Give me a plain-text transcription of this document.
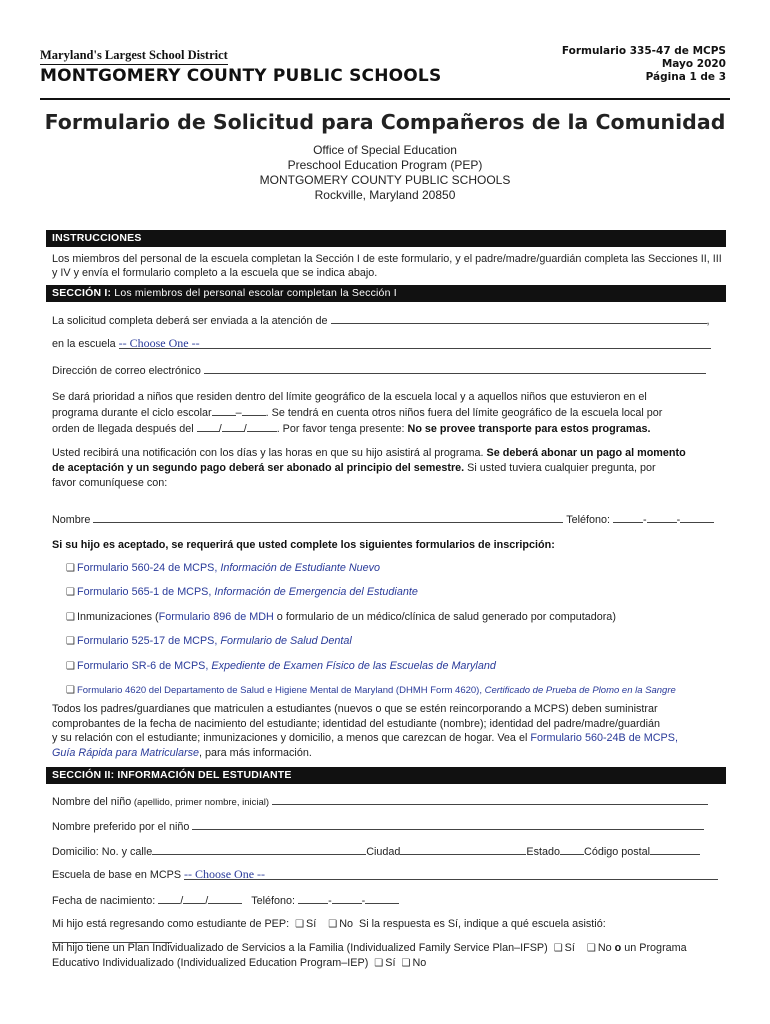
Maryland's Largest School District
MONTGOMERY COUNTY PUBLIC SCHOOLS
Formulario 335-47 de MCPS
Mayo 2020
Página 1 de 3
Formulario de Solicitud para Compañeros de la Comunidad
Office of Special Education
Preschool Education Program (PEP)
MONTGOMERY COUNTY PUBLIC SCHOOLS
Rockville, Maryland 20850
INSTRUCCIONES
Los miembros del personal de la escuela completan la Sección I de este formulario, y el padre/madre/guardián completa las Secciones II, III y IV y envía el formulario completo a la escuela que se indica abajo.
SECCIÓN I: Los miembros del personal escolar completan la Sección I
La solicitud completa deberá ser enviada a la atención de	,
en la escuela -- Choose One --
Dirección de correo electrónico
Se dará prioridad a niños que residen dentro del límite geográfico de la escuela local y a aquellos niños que estuvieron en el
programa durante el ciclo escolar – . Se tendrá en cuenta otros niños fuera del límite geográfico de la escuela local por
orden de llegada después del / /	. Por favor tenga presente: No se provee transporte para estos programas.
Usted recibirá una notificación con los días y las horas en que su hijo asistirá al programa. Se deberá abonar un pago al momento
de aceptación y un segundo pago deberá ser abonado al principio del semestre. Si usted tuviera cualquier pregunta, por
favor comuníquese con:
Nombre	Teléfono:	-	-
Si su hijo es aceptado, se requerirá que usted complete los siguientes formularios de inscripción:
❑ Formulario 560-24 de MCPS, Información de Estudiante Nuevo
❑ Formulario 565-1 de MCPS, Información de Emergencia del Estudiante
❑ Inmunizaciones (Formulario 896 de MDH o formulario de un médico/clínica de salud generado por computadora)
❑ Formulario 525-17 de MCPS, Formulario de Salud Dental
❑ Formulario SR-6 de MCPS, Expediente de Examen Físico de las Escuelas de Maryland
❑ Formulario 4620 del Departamento de Salud e Higiene Mental de Maryland (DHMH Form 4620), Certificado de Prueba de Plomo en la Sangre
Todos los padres/guardianes que matriculen a estudiantes (nuevos o que se estén reincorporando a MCPS) deben suministrar
comprobantes de la fecha de nacimiento del estudiante; identidad del estudiante (nombre); identidad del padre/madre/guardián
y su relación con el estudiante; inmunizaciones y domicilio, a menos que carezcan de hogar. Vea el Formulario 560-24B de MCPS,
Guía Rápida para Matricularse, para más información.
SECCIÓN II: INFORMACIÓN DEL ESTUDIANTE
Nombre del niño (apellido, primer nombre, inicial)
Nombre preferido por el niño
Domicilio: No. y calle	Ciudad	Estado Código postal
Escuela de base en MCPS -- Choose One --
Fecha de nacimiento: / /	Teléfono:	-	-
Mi hijo está regresando como estudiante de PEP: ❑ Sí ❑ No Si la respuesta es Sí, indique a qué escuela asistió:
Mi hijo tiene un Plan Individualizado de Servicios a la Familia (Individualized Family Service Plan–IFSP) ❑ Sí ❑ No o un Programa
Educativo Individualizado (Individualized Education Program–IEP) ❑ Sí ❑ No
